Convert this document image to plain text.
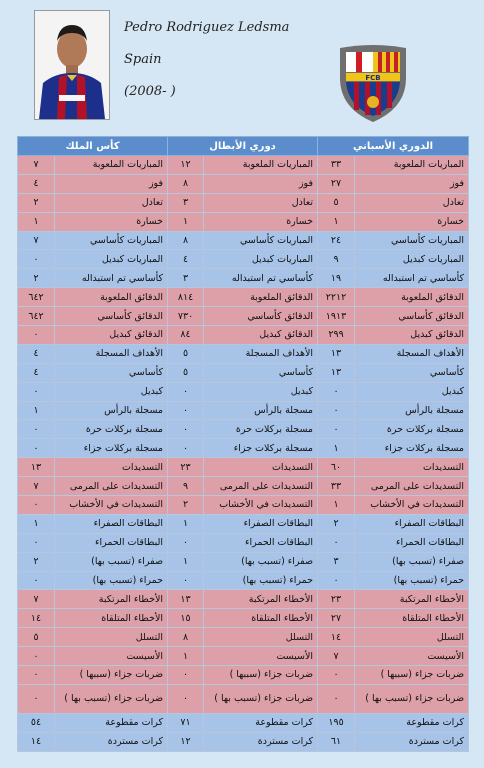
Pedro Rodriguez Ledsma
Spain
(2008- )
FCB
كأس الملك		دوري الأبطال		الدوري الأسباني	
٧	المباريات الملعوبة	١٢	المباريات الملعوبة	٣٣	المباريات الملعوبة
٤	فوز	٨	فوز	٢٧	فوز
٢	تعادل	٣	تعادل	٥	تعادل
١	خسارة	١	خسارة	١	خسارة
٧	المباريات كأساسي	٨	المباريات كأساسي	٢٤	المباريات كأساسي
٠	المباريات كبديل	٤	المباريات كبديل	٩	المباريات كبديل
٢	كأساسي تم استبداله	٣	كأساسي تم استبداله	١٩	كأساسي تم استبداله
٦٤٢	الدقائق الملعوبة	٨١٤	الدقائق الملعوبة	٢٢١٢	الدقائق الملعوبة
٦٤٢	الدقائق كأساسي	٧٣٠	الدقائق كأساسي	١٩١٣	الدقائق كأساسي
٠	الدقائق كبديل	٨٤	الدقائق كبديل	٢٩٩	الدقائق كبديل
٤	الأهداف المسجلة	٥	الأهداف المسجلة	١٣	الأهداف المسجلة
٤	كأساسي	٥	كأساسي	١٣	كأساسي
٠	كبديل	٠	كبديل	٠	كبديل
١	مسجلة بالرأس	٠	مسجلة بالرأس	٠	مسجلة بالرأس
٠	مسجلة بركلات حرة	٠	مسجلة بركلات حرة	٠	مسجلة بركلات حرة
٠	مسجلة بركلات جزاء	٠	مسجلة بركلات جزاء	١	مسجلة بركلات جزاء
١٣	التسديدات	٢٣	التسديدات	٦٠	التسديدات
٧	التسديدات على المرمى	٩	التسديدات على المرمى	٣٣	التسديدات على المرمى
٠	التسديدات في الأخشاب	٢	التسديدات في الأخشاب	١	التسديدات في الأخشاب
١	البطاقات الصفراء	١	البطاقات الصفراء	٢	البطاقات الصفراء
٠	البطاقات الحمراء	٠	البطاقات الحمراء	٠	البطاقات الحمراء
٢	صفراء (تسبب بها)	١	صفراء (تسبب بها)	٣	صفراء (تسبب بها)
٠	حمراء (تسبب بها)	٠	حمراء (تسبب بها)	٠	حمراء (تسبب بها)
٧	الأخطاء المرتكبة	١٣	الأخطاء المرتكبة	٢٣	الأخطاء المرتكبة
١٤	الأخطاء المتلقاة	١٥	الأخطاء المتلقاة	٢٧	الأخطاء المتلقاة
٥	التسلل	٨	التسلل	١٤	التسلل
٠	الأسيست	١	الأسيست	٧	الأسيست
٠	ضربات جزاء (سببها )	٠	ضربات جزاء (سببها )	٠	ضربات جزاء (سببها )
٠	ضربات جزاء (تسبب بها )	٠	ضربات جزاء (تسبب بها )	٠	ضربات جزاء (تسبب بها )
٥٤	كرات مقطوعة	٧١	كرات مقطوعة	١٩٥	كرات مقطوعة
١٤	كرات مستردة	١٢	كرات مستردة	٦١	كرات مستردة
